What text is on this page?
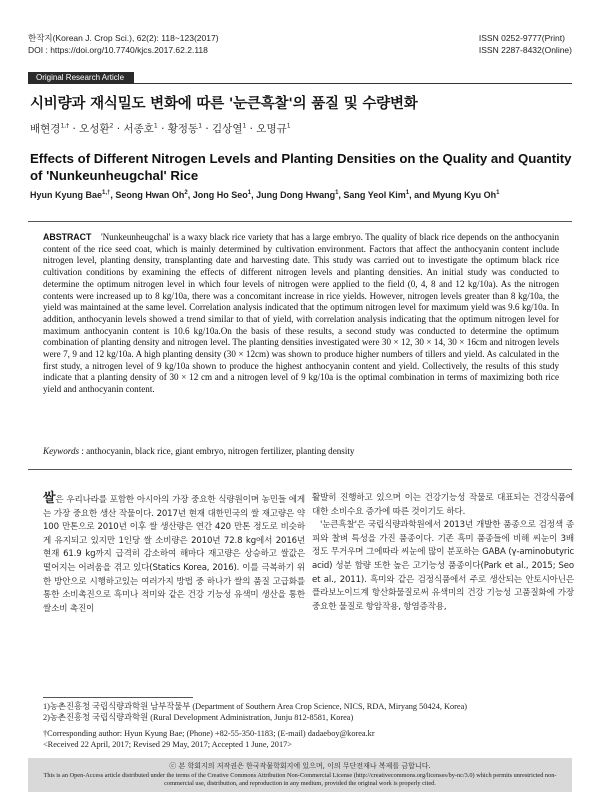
한작지(Korean J. Crop Sci.), 62(2): 118~123(2017)
DOI : https://doi.org/10.7740/kjcs.2017.62.2.118
ISSN 0252-9777(Print)
ISSN 2287-8432(Online)
Original Research Article
시비량과 재식밀도 변화에 따른 '눈큰흑찰'의 품질 및 수량변화
배현경$^{1,\dagger}$ · 오성환$^2$ · 서종호$^1$ · 황정동$^1$ · 김상열$^1$ · 오명규$^1$
Effects of Different Nitrogen Levels and Planting Densities on the Quality and Quantity of 'Nunkeunheugchal' Rice
Hyun Kyung Bae$^{1,\dagger}$, Seong Hwan Oh$^2$, Jong Ho Seo$^1$, Jung Dong Hwang$^1$, Sang Yeol Kim$^1$, and Myung Kyu Oh$^1$
ABSTRACT 'Nunkeunheugchal' is a waxy black rice variety that has a large embryo. The quality of black rice depends on the anthocyanin content of the rice seed coat, which is mainly determined by cultivation environment. Factors that affect the anthocyanin content include nitrogen level, planting density, transplanting date and harvesting date. This study was carried out to investigate the optimum black rice cultivation conditions by examining the effects of different nitrogen levels and planting densities. An initial study was conducted to determine the optimum nitrogen level in which four levels of nitrogen were applied to the field (0, 4, 8 and 12 kg/10a). As the nitrogen contents were increased up to 8 kg/10a, there was a concomitant increase in rice yields. However, nitrogen levels greater than 8 kg/10a, the yield was maintained at the same level. Correlation analysis indicated that the optimum nitrogen level for maximum yield was 9.6 kg/10a. In addition, anthocyanin levels showed a trend similar to that of yield, with correlation analysis indicating that the optimum nitrogen level for maximum anthocyanin content is 10.6 kg/10a.On the basis of these results, a second study was conducted to determine the optimum combination of planting density and nitrogen level. The planting densities investigated were 30 × 12, 30 × 14, 30 × 16cm and nitrogen levels were 7, 9 and 12 kg/10a. A high planting density (30 × 12cm) was shown to produce higher numbers of tillers and yield. As calculated in the first study, a nitrogen level of 9 kg/10a shown to produce the highest anthocyanin content and yield. Collectively, the results of this study indicate that a planting density of 30 × 12 cm and a nitrogen level of 9 kg/10a is the optimal combination in terms of maximizing both rice yield and anthocyanin content.
Keywords : anthocyanin, black rice, giant embryo, nitrogen fertilizer, planting density
쌀은 우리나라를 포함한 아시아의 가장 중요한 식량원이며 농민들 에게는 가장 중요한 생산 작물이다. 2017년 현재 대한민국의 쌀 재고량은 약 100 만톤으로 2010년 이후 쌀 생산량은 연간 420 만톤 정도로 비슷하게 유지되고 있지만 1인당 쌀 소비량은 2010년 72.8 kg에서 2016년 현재 61.9 kg까지 급격히 감소하여 해마다 재고량은 상승하고 쌀값은 떨어지는 어려움을 겪고 있다(Statics Korea, 2016). 이를 극복하기 위한 방안으로 시행하고있는 여러가지 방법 중 하나가 쌀의 품질 고급화를 통한 소비촉진으로 흑미나 적미와 같은 건강 기능성 유색미 생산을 통한 쌀소비 촉진이
활발히 진행하고 있으며 이는 건강기능성 작물로 대표되는 건강식품에 대한 소비수요 증가에 따른 것이기도 하다.
'눈큰흑찰'은 국립식량과학원에서 2013년 개발한 품종으로 검정색 종피와 찰벼 특성을 가진 품종이다. 기존 흑미 품종들에 비해 씨눈이 3배 정도 무거우며 그에따라 씨눈에 많이 분포하는 GABA (γ-aminobutyric acid) 성분 함량 또한 높은 고기능성 품종이다(Park et al., 2015; Seo et al., 2011). 흑미와 같은 검정식품에서 주로 생산되는 안토시아닌은 플라보노이드계 항산화물질로써 유색미의 건강 기능성 고품질화에 가장 중요한 물질로 항암작용, 항염증작용,
1)농촌진흥청 국립식량과학원 남부작물부 (Department of Southern Area Crop Science, NICS, RDA, Miryang 50424, Korea)
2)농촌진흥청 국립식량과학원 (Rural Development Administration, Junju 812-8581, Korea)
†Corresponding author: Hyun Kyung Bae; (Phone) +82-55-350-1183; (E-mail) dadaeboy@korea.kr
<Received 22 April, 2017; Revised 29 May, 2017; Accepted 1 June, 2017>
ⓒ 본 학회지의 저작권은 한국작물학회지에 있으며, 이의 무단전재나 복제를 금합니다.
This is an Open-Access article distributed under the terms of the Creative Commons Attribution Non-Commercial License (http://creativecommons.org/licenses/by-nc/3.0) which permits unrestricted non-commercial use, distribution, and reproduction in any medium, provided the original work is properly cited.
